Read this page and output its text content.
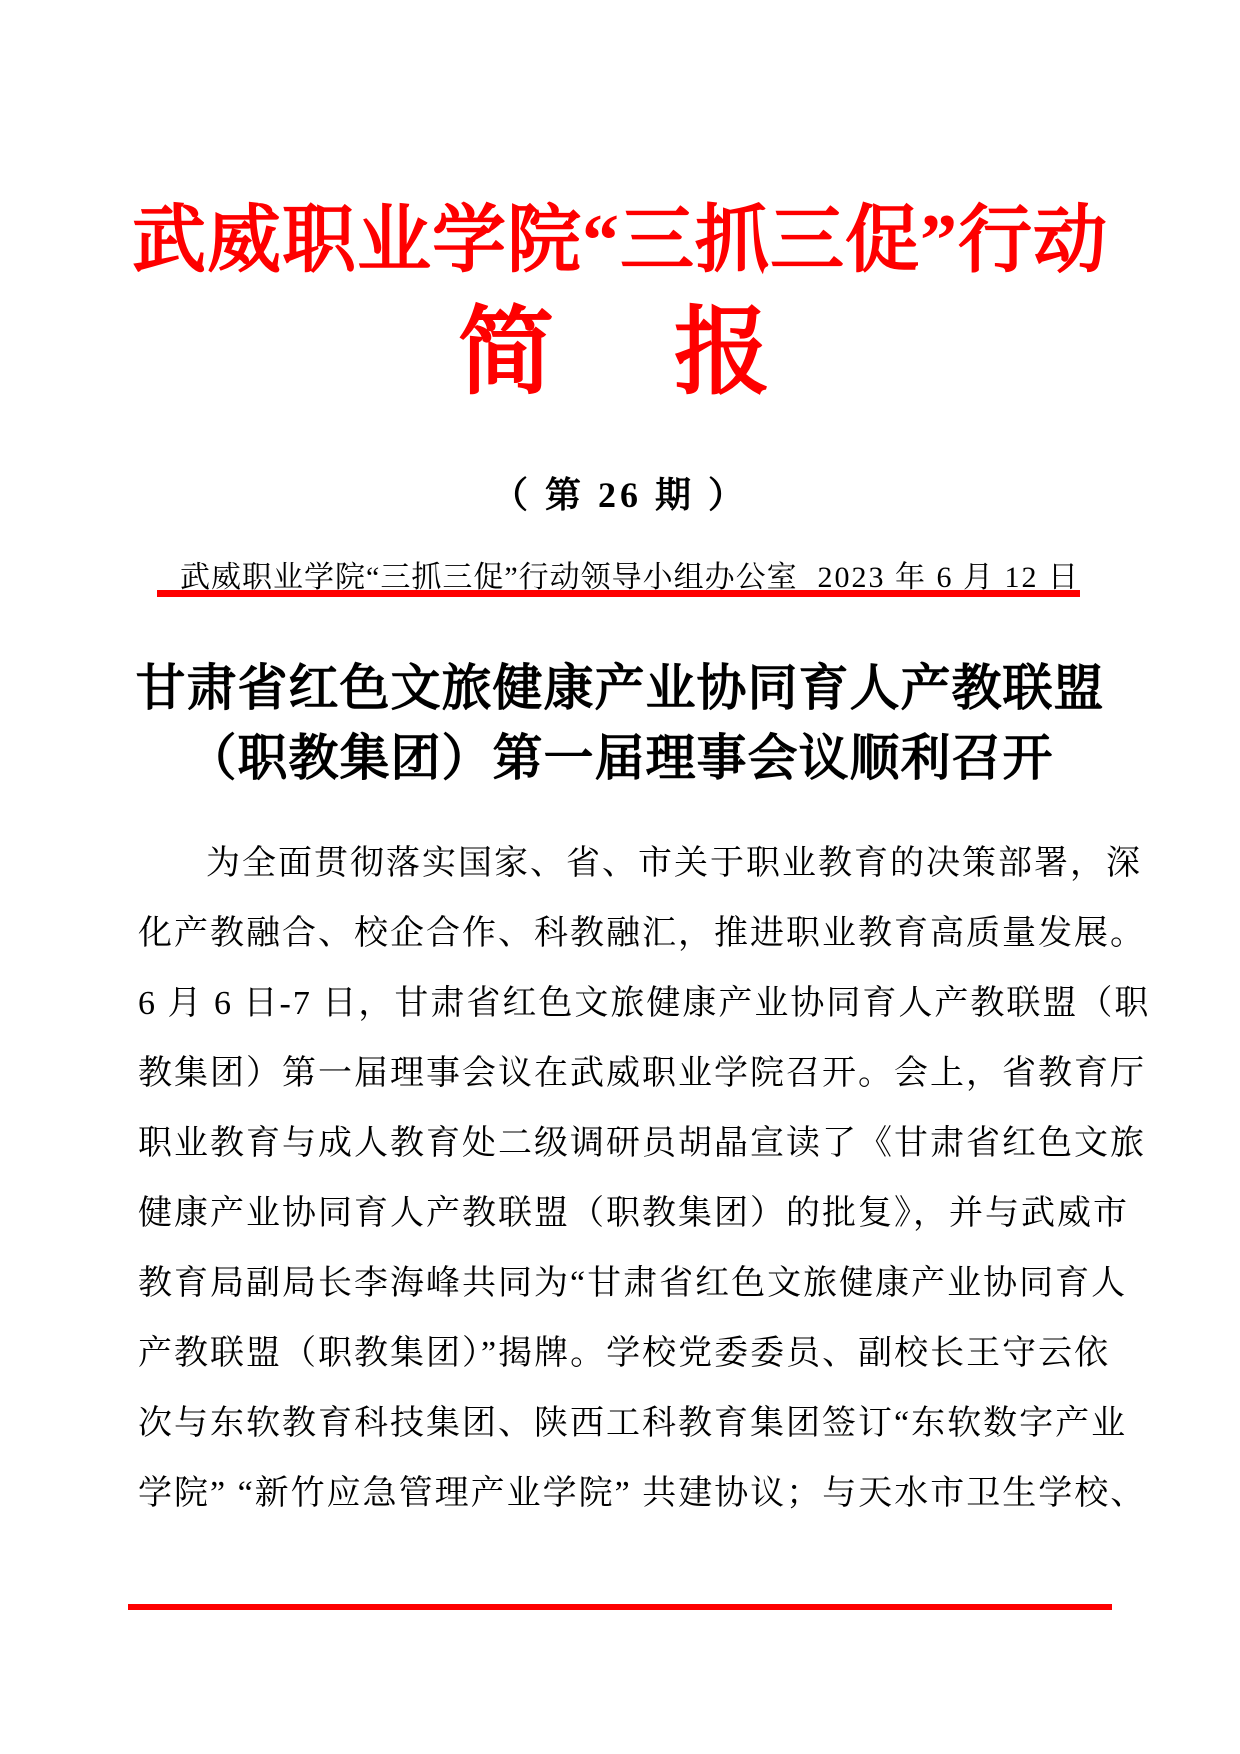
武威职业学院“三抓三促”行动
简　报
（ 第 26 期 ）
武威职业学院“三抓三促”行动领导小组办公室 2023 年 6 月 12 日
甘肃省红色文旅健康产业协同育人产教联盟
（职教集团）第一届理事会议顺利召开
为全面贯彻落实国家、省、市关于职业教育的决策部署，深
化产教融合、校企合作、科教融汇，推进职业教育高质量发展。
6 月 6 日-7 日，甘肃省红色文旅健康产业协同育人产教联盟（职
教集团）第一届理事会议在武威职业学院召开。会上，省教育厅
职业教育与成人教育处二级调研员胡晶宣读了《甘肃省红色文旅
健康产业协同育人产教联盟（职教集团）的批复》，并与武威市
教育局副局长李海峰共同为“甘肃省红色文旅健康产业协同育人
产教联盟（职教集团）”揭牌。学校党委委员、副校长王守云依
次与东软教育科技集团、陕西工科教育集团签订“东软数字产业
学院” “新竹应急管理产业学院” 共建协议；与天水市卫生学校、
